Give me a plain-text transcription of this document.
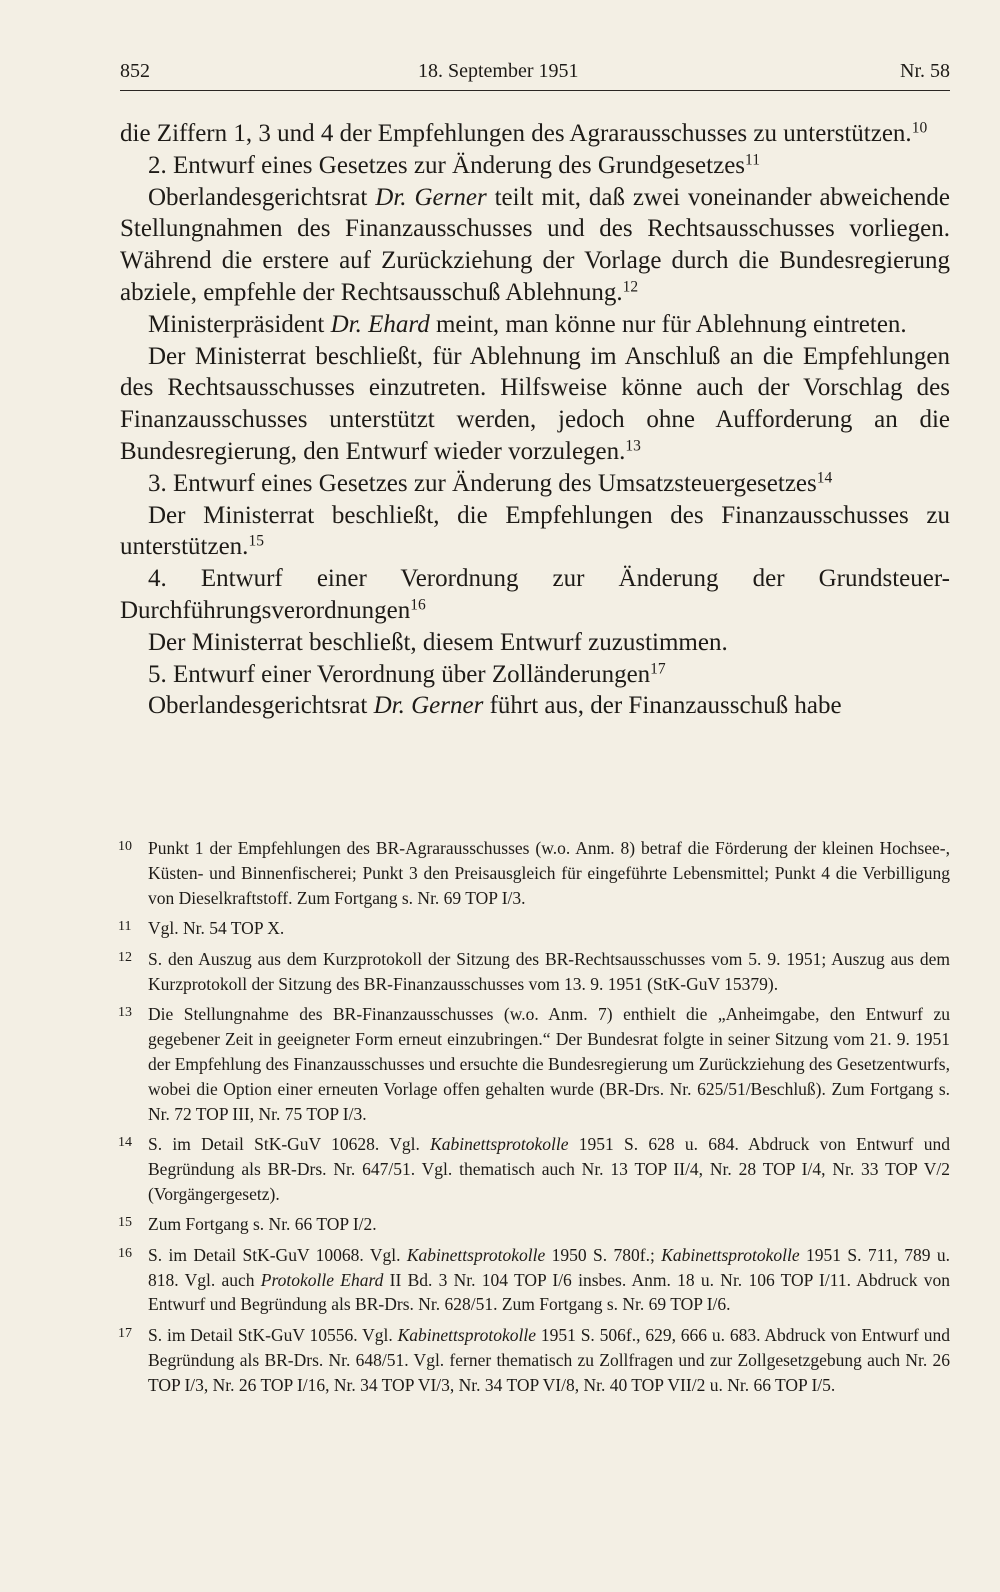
852	18. September 1951	Nr. 58

die Ziffern 1, 3 und 4 der Empfehlungen des Agrarausschusses zu unterstützen.$^{10}$

2. Entwurf eines Gesetzes zur Änderung des Grundgesetzes$^{11}$

Oberlandesgerichtsrat Dr. Gerner teilt mit, daß zwei voneinander abweichende Stellungnahmen des Finanzausschusses und des Rechtsausschusses vorliegen. Während die erstere auf Zurückziehung der Vorlage durch die Bundesregierung abziele, empfehle der Rechtsausschuß Ablehnung.$^{12}$

Ministerpräsident Dr. Ehard meint, man könne nur für Ablehnung eintreten.

Der Ministerrat beschließt, für Ablehnung im Anschluß an die Empfehlungen des Rechtsausschusses einzutreten. Hilfsweise könne auch der Vorschlag des Finanzausschusses unterstützt werden, jedoch ohne Aufforderung an die Bundesregierung, den Entwurf wieder vorzulegen.$^{13}$

3. Entwurf eines Gesetzes zur Änderung des Umsatzsteuergesetzes$^{14}$

Der Ministerrat beschließt, die Empfehlungen des Finanzausschusses zu unterstützen.$^{15}$

4. Entwurf einer Verordnung zur Änderung der Grundsteuer-Durchführungsverordnungen$^{16}$

Der Ministerrat beschließt, diesem Entwurf zuzustimmen.

5. Entwurf einer Verordnung über Zolländerungen$^{17}$

Oberlandesgerichtsrat Dr. Gerner führt aus, der Finanzausschuß habe

10 Punkt 1 der Empfehlungen des BR-Agrarausschusses (w.o. Anm. 8) betraf die Förderung der kleinen Hochsee-, Küsten- und Binnenfischerei; Punkt 3 den Preisausgleich für eingeführte Lebensmittel; Punkt 4 die Verbilligung von Dieselkraftstoff. Zum Fortgang s. Nr. 69 TOP I/3.
11 Vgl. Nr. 54 TOP X.
12 S. den Auszug aus dem Kurzprotokoll der Sitzung des BR-Rechtsausschusses vom 5. 9. 1951; Auszug aus dem Kurzprotokoll der Sitzung des BR-Finanzausschusses vom 13. 9. 1951 (StK-GuV 15379).
13 Die Stellungnahme des BR-Finanzausschusses (w.o. Anm. 7) enthielt die „Anheimgabe, den Entwurf zu gegebener Zeit in geeigneter Form erneut einzubringen.“ Der Bundesrat folgte in seiner Sitzung vom 21. 9. 1951 der Empfehlung des Finanzausschusses und ersuchte die Bundesregierung um Zurückziehung des Gesetzentwurfs, wobei die Option einer erneuten Vorlage offen gehalten wurde (BR-Drs. Nr. 625/51/Beschluß). Zum Fortgang s. Nr. 72 TOP III, Nr. 75 TOP I/3.
14 S. im Detail StK-GuV 10628. Vgl. Kabinettsprotokolle 1951 S. 628 u. 684. Abdruck von Entwurf und Begründung als BR-Drs. Nr. 647/51. Vgl. thematisch auch Nr. 13 TOP II/4, Nr. 28 TOP I/4, Nr. 33 TOP V/2 (Vorgängergesetz).
15 Zum Fortgang s. Nr. 66 TOP I/2.
16 S. im Detail StK-GuV 10068. Vgl. Kabinettsprotokolle 1950 S. 780f.; Kabinettsprotokolle 1951 S. 711, 789 u. 818. Vgl. auch Protokolle Ehard II Bd. 3 Nr. 104 TOP I/6 insbes. Anm. 18 u. Nr. 106 TOP I/11. Abdruck von Entwurf und Begründung als BR-Drs. Nr. 628/51. Zum Fortgang s. Nr. 69 TOP I/6.
17 S. im Detail StK-GuV 10556. Vgl. Kabinettsprotokolle 1951 S. 506f., 629, 666 u. 683. Abdruck von Entwurf und Begründung als BR-Drs. Nr. 648/51. Vgl. ferner thematisch zu Zollfragen und zur Zollgesetzgebung auch Nr. 26 TOP I/3, Nr. 26 TOP I/16, Nr. 34 TOP VI/3, Nr. 34 TOP VI/8, Nr. 40 TOP VII/2 u. Nr. 66 TOP I/5.
